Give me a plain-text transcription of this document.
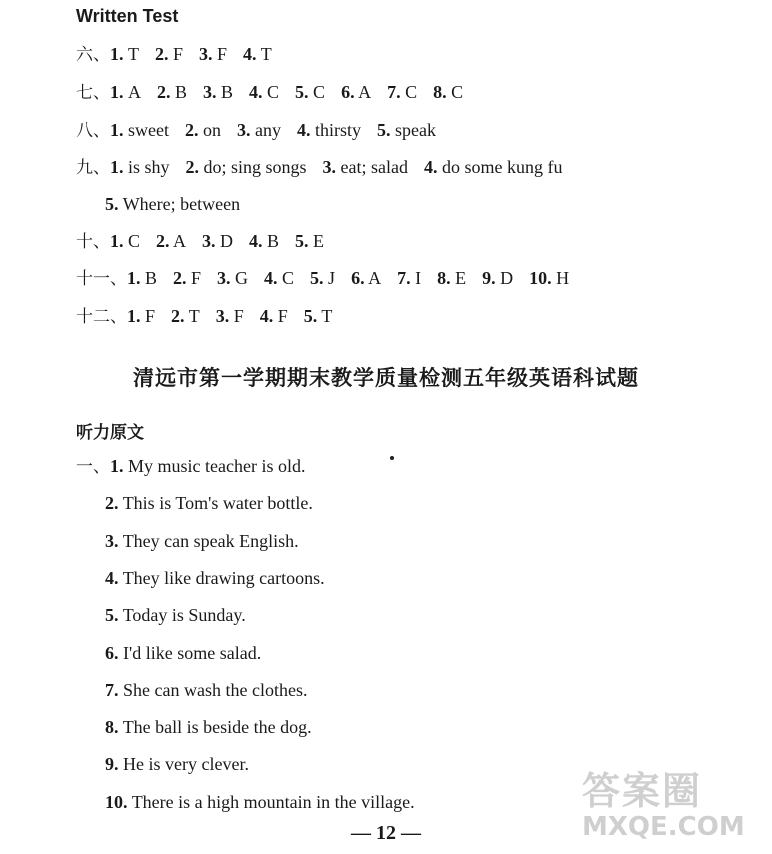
Written Test
六、1. T 2. F 3. F 4. T
七、1. A 2. B 3. B 4. C 5. C 6. A 7. C 8. C
八、1. sweet 2. on 3. any 4. thirsty 5. speak
九、1. is shy 2. do; sing songs 3. eat; salad 4. do some kung fu
5. Where; between
十、1. C 2. A 3. D 4. B 5. E
十一、1. B 2. F 3. G 4. C 5. J 6. A 7. I 8. E 9. D 10. H
十二、1. F 2. T 3. F 4. F 5. T
清远市第一学期期末教学质量检测五年级英语科试题
听力原文
一、1. My music teacher is old.
2. This is Tom's water bottle.
3. They can speak English.
4. They like drawing cartoons.
5. Today is Sunday.
6. I'd like some salad.
7. She can wash the clothes.
8. The ball is beside the dog.
9. He is very clever.
10. There is a high mountain in the village.
— 12 —
答案圈
MXQE.COM
